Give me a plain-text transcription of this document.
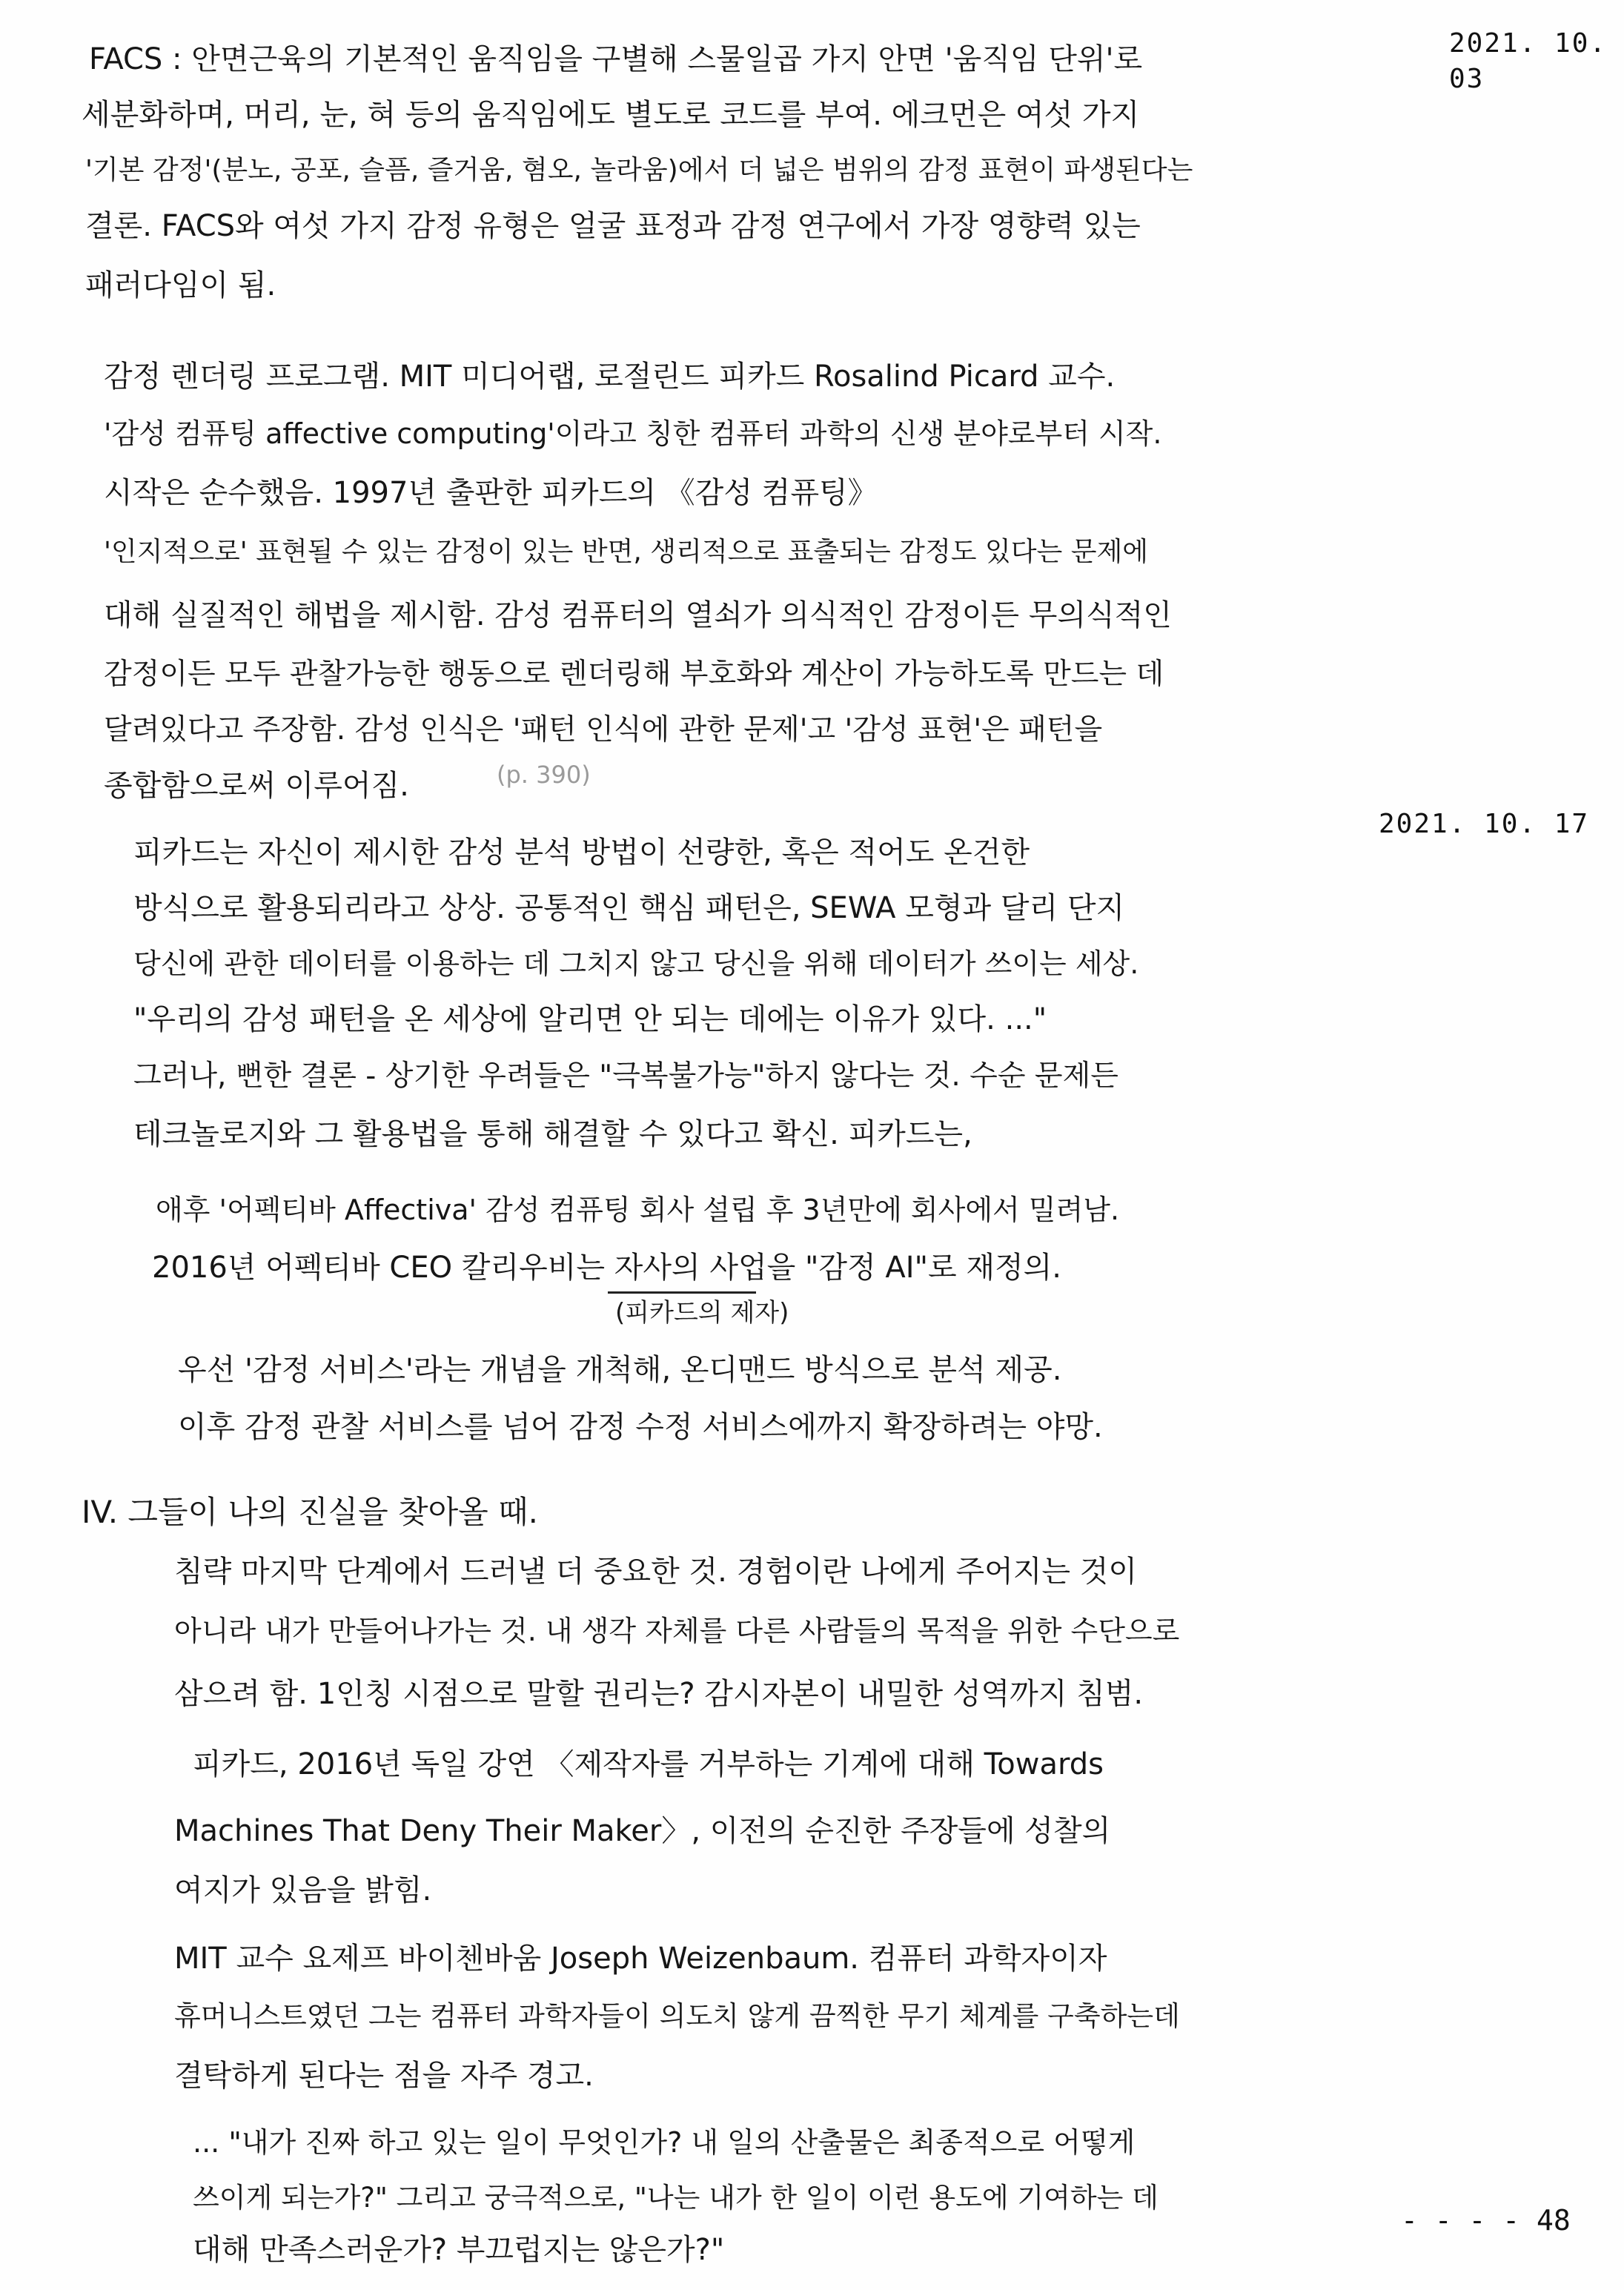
2021. 10. 03
2021. 10. 17
FACS : 안면근육의 기본적인 움직임을 구별해 스물일곱 가지 안면 '움직임 단위'로
세분화하며, 머리, 눈, 혀 등의 움직임에도 별도로 코드를 부여. 에크먼은 여섯 가지
'기본 감정'(분노, 공포, 슬픔, 즐거움, 혐오, 놀라움)에서 더 넓은 범위의 감정 표현이 파생된다는
결론. FACS와 여섯 가지 감정 유형은 얼굴 표정과 감정 연구에서 가장 영향력 있는
패러다임이 됨.
감정 렌더링 프로그램. MIT 미디어랩, 로절린드 피카드 Rosalind Picard 교수.
'감성 컴퓨팅 affective computing'이라고 칭한 컴퓨터 과학의 신생 분야로부터 시작.
시작은 순수했음. 1997년 출판한 피카드의 《감성 컴퓨팅》
'인지적으로' 표현될 수 있는 감정이 있는 반면, 생리적으로 표출되는 감정도 있다는 문제에
대해 실질적인 해법을 제시함. 감성 컴퓨터의 열쇠가 의식적인 감정이든 무의식적인
감정이든 모두 관찰가능한 행동으로 렌더링해 부호화와 계산이 가능하도록 만드는 데
달려있다고 주장함. 감성 인식은 '패턴 인식에 관한 문제'고 '감성 표현'은 패턴을
종합함으로써 이루어짐.	(p. 390)
피카드는 자신이 제시한 감성 분석 방법이 선량한, 혹은 적어도 온건한
방식으로 활용되리라고 상상. 공통적인 핵심 패턴은, SEWA 모형과 달리 단지
당신에 관한 데이터를 이용하는 데 그치지 않고 당신을 위해 데이터가 쓰이는 세상.
"우리의 감성 패턴을 온 세상에 알리면 안 되는 데에는 이유가 있다. ..."
그러나, 뻔한 결론 - 상기한 우려들은 "극복불가능"하지 않다는 것. 수순 문제든
테크놀로지와 그 활용법을 통해 해결할 수 있다고 확신. 피카드는,
애후 '어펙티바 Affectiva' 감성 컴퓨팅 회사 설립 후 3년만에 회사에서 밀려남.
2016년 어펙티바 CEO 칼리우비는 자사의 사업을 "감정 AI"로 재정의.
(피카드의 제자)
우선 '감정 서비스'라는 개념을 개척해, 온디맨드 방식으로 분석 제공.
이후 감정 관찰 서비스를 넘어 감정 수정 서비스에까지 확장하려는 야망.
IV. 그들이 나의 진실을 찾아올 때.
침략 마지막 단계에서 드러낼 더 중요한 것. 경험이란 나에게 주어지는 것이
아니라 내가 만들어나가는 것. 내 생각 자체를 다른 사람들의 목적을 위한 수단으로
삼으려 함. 1인칭 시점으로 말할 권리는? 감시자본이 내밀한 성역까지 침범.
피카드, 2016년 독일 강연 〈제작자를 거부하는 기계에 대해 Towards
Machines That Deny Their Maker〉, 이전의 순진한 주장들에 성찰의
여지가 있음을 밝힘.
MIT 교수 요제프 바이첸바움 Joseph Weizenbaum. 컴퓨터 과학자이자
휴머니스트였던 그는 컴퓨터 과학자들이 의도치 않게 끔찍한 무기 체계를 구축하는데
결탁하게 된다는 점을 자주 경고.
... "내가 진짜 하고 있는 일이 무엇인가? 내 일의 산출물은 최종적으로 어떻게
쓰이게 되는가?" 그리고 궁극적으로, "나는 내가 한 일이 이런 용도에 기여하는 데
대해 만족스러운가? 부끄럽지는 않은가?"
- - - - 48
